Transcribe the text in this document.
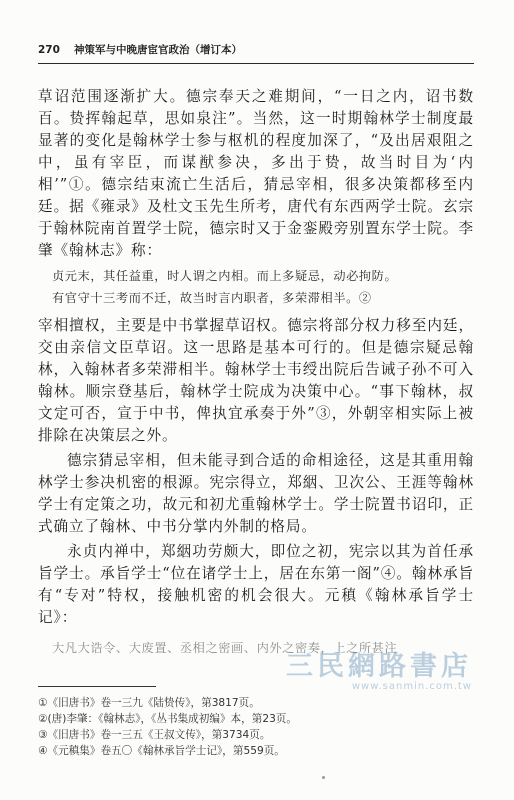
270 神策军与中晚唐宦官政治（增订本）
草诏范围逐渐扩大。德宗奉天之难期间，“一日之内，诏书数百。贽挥翰起草，思如泉注”。当然，这一时期翰林学士制度最显著的变化是翰林学士参与枢机的程度加深了，“及出居艰阻之中，虽有宰臣，而谋猷参决，多出于贽，故当时目为‘内相’”①。德宗结束流亡生活后，猜忌宰相，很多决策都移至内廷。据《雍录》及杜文玉先生所考，唐代有东西两学士院。玄宗于翰林院南首置学士院，德宗时又于金銮殿旁别置东学士院。李肇《翰林志》称：
贞元末，其任益重，时人谓之内相。而上多疑忌，动必拘防。
有官守十三考而不迁，故当时言内职者，多荣滞相半。②
宰相擅权，主要是中书掌握草诏权。德宗将部分权力移至内廷，交由亲信文臣草诏。这一思路是基本可行的。但是德宗疑忌翰林，入翰林者多荣滞相半。翰林学士韦绶出院后告诫子孙不可入翰林。顺宗登基后，翰林学士院成为决策中心。“事下翰林，叔文定可否，宣于中书，俾执宜承奏于外”③，外朝宰相实际上被排除在决策层之外。
德宗猜忌宰相，但未能寻到合适的命相途径，这是其重用翰林学士参决机密的根源。宪宗得立，郑絪、卫次公、王涯等翰林学士有定策之功，故元和初尤重翰林学士。学士院置书诏印，正式确立了翰林、中书分掌内外制的格局。
永贞内禅中，郑絪功劳颇大，即位之初，宪宗以其为首任承旨学士。承旨学士“位在诸学士上，居在东第一阁”④。翰林承旨有“专对”特权，接触机密的机会很大。元稹《翰林承旨学士记》：
大凡大诰令、大废置、丞相之密画、内外之密奏，上之所甚注
三民網路書店
www.sanmin.com.tw
①《旧唐书》卷一三九《陆贽传》，第3817页。
②(唐)李肇：《翰林志》，《丛书集成初编》本，第23页。
③《旧唐书》卷一三五《王叔文传》，第3734页。
④《元稹集》卷五〇《翰林承旨学士记》，第559页。
